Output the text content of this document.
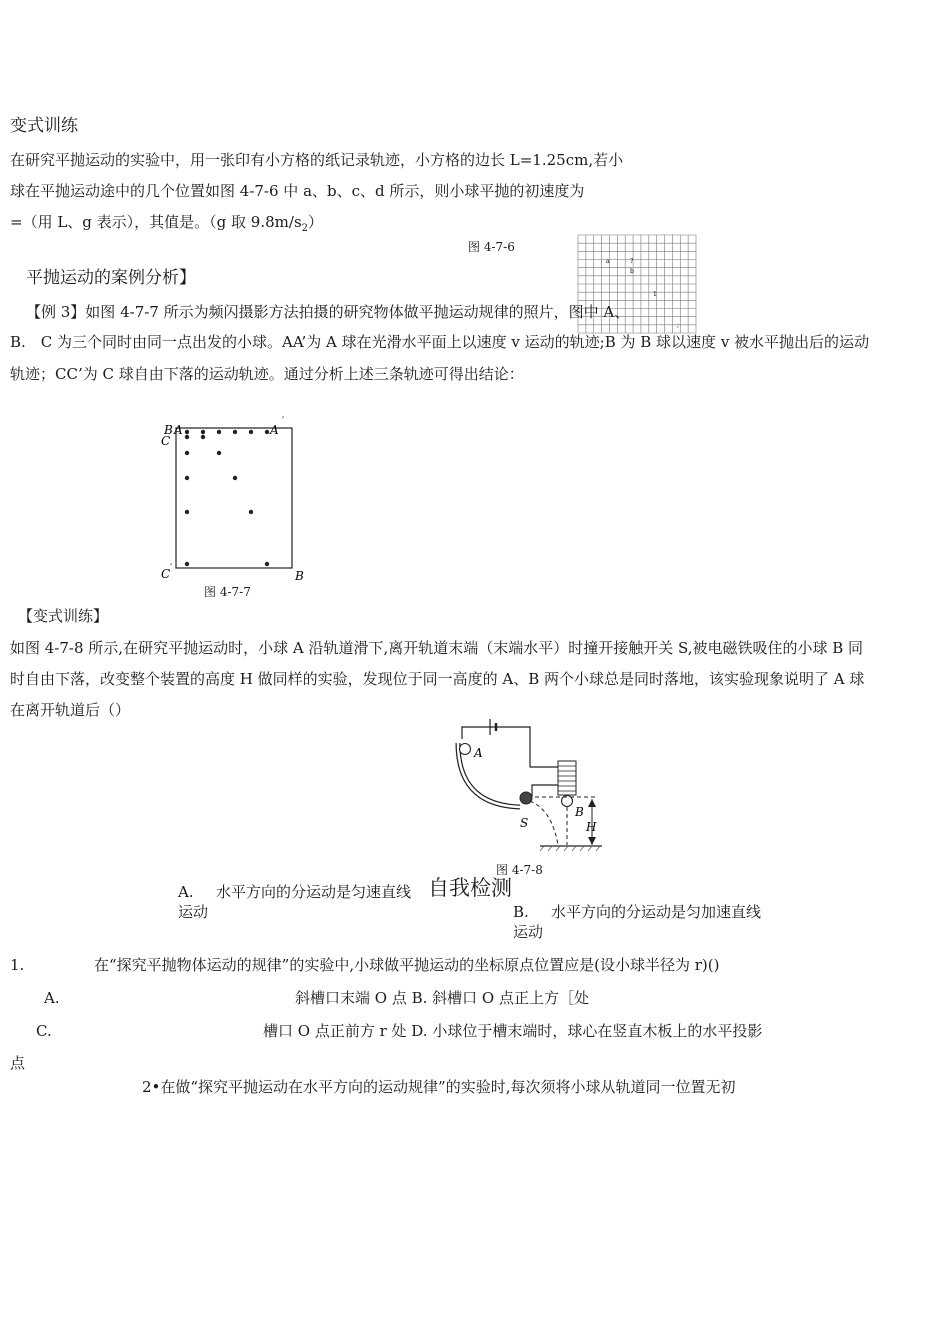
变式训练
在研究平抛运动的实验中，用一张印有小方格的纸记录轨迹，小方格的边长 L=1.25cm,若小
球在平抛运动途中的几个位置如图 4-7-6 中 a、b、c、d 所示，则小球平抛的初速度为
=（用 L、g 表示），其值是。（g 取 $9.8m/s_2$）
图 4-7-6
a	?
b
1
;
平抛运动的案例分析】
【例 3】如图 4-7-7 所示为频闪摄影方法拍摄的研究物体做平抛运动规律的照片，图中 A、
B.　C 为三个同时由同一点出发的小球。AA’为 A 球在光滑水平面上以速度 v 运动的轨迹;B 为 B 球以速度 v 被水平抛出后的运动
轨迹；CC’为 C 球自由下落的运动轨迹。通过分析上述三条轨迹可得出结论：
B A	A
′
C
C ′
B
图 4-7-7
【变式训练】
如图 4-7-8 所示,在研究平抛运动时，小球 A 沿轨道滑下,离开轨道末端（末端水平）时撞开接触开关 S,被电磁铁吸住的小球 B 同
时自由下落，改变整个装置的高度 H 做同样的实验，发现位于同一高度的 A、B 两个小球总是同时落地，该实验现象说明了 A 球
在离开轨道后（）
A
B
S	H
图 4-7-8
A. 水平方向的分运动是匀速直线
运动
自我检测
B. 水平方向的分运动是匀加速直线
运动
1.	在“探究平抛物体运动的规律”的实验中,小球做平抛运动的坐标原点位置应是(设小球半径为 r)()
A.	斜槽口末端 O 点 B. 斜槽口 O 点正上方［处
C.	槽口 O 点正前方 r 处 D. 小球位于槽末端时，球心在竖直木板上的水平投影
点
2•在做“探究平抛运动在水平方向的运动规律”的实验时,每次须将小球从轨道同一位置无初
